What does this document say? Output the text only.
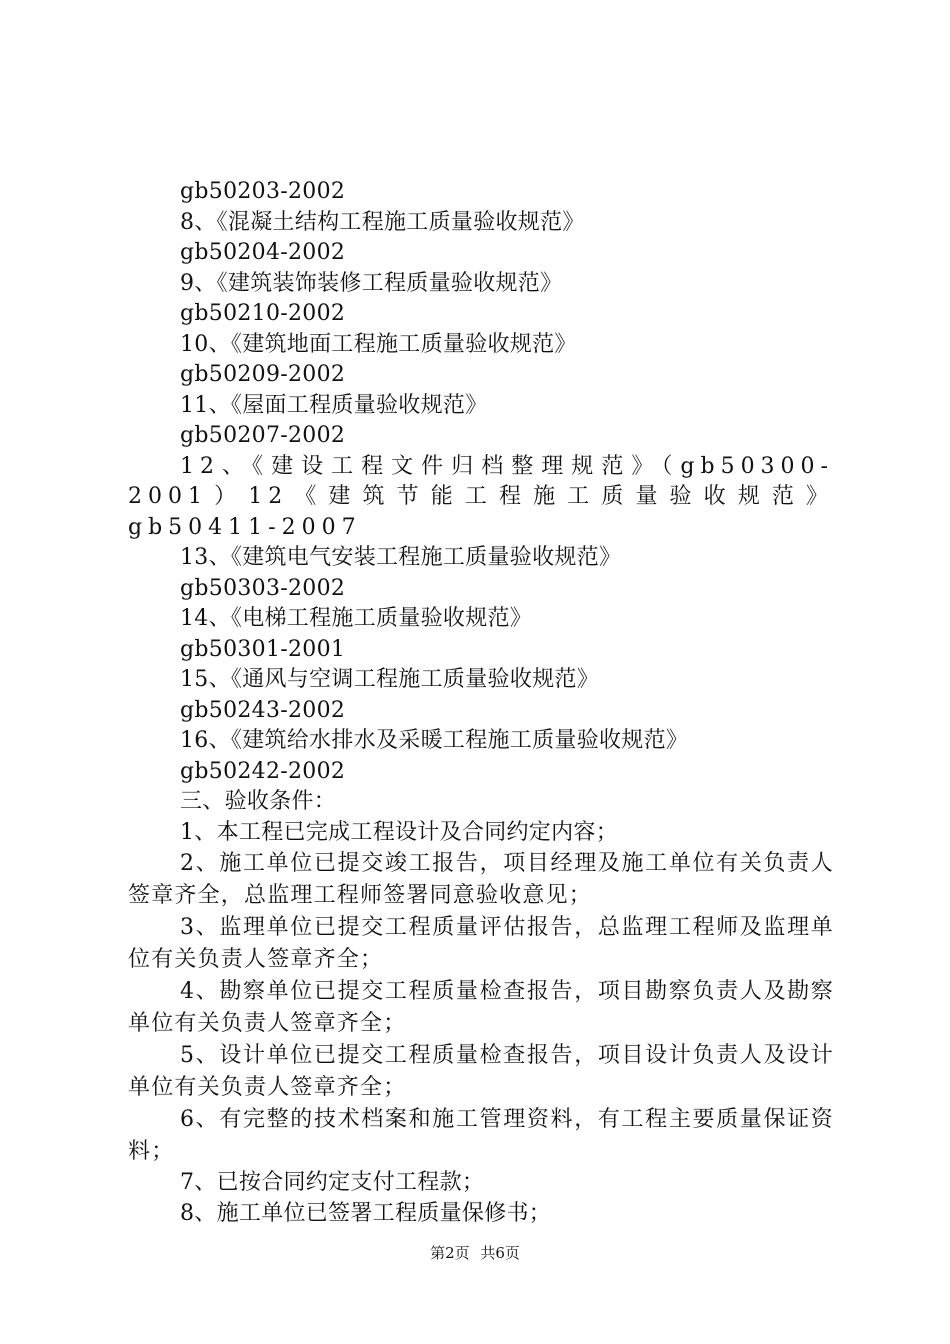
gb50203-2002
8、《混凝土结构工程施工质量验收规范》
gb50204-2002
9、《建筑装饰装修工程质量验收规范》
gb50210-2002
10、《建筑地面工程施工质量验收规范》
gb50209-2002
11、《屋面工程质量验收规范》
gb50207-2002

12、《建设工程文件归档整理规范》（gb50300-2001）12《建筑节能工程施工质量验收规范》gb50411-2007

13、《建筑电气安装工程施工质量验收规范》
gb50303-2002
14、《电梯工程施工质量验收规范》
gb50301-2001
15、《通风与空调工程施工质量验收规范》
gb50243-2002
16、《建筑给水排水及采暖工程施工质量验收规范》
gb50242-2002
三、验收条件：
1、本工程已完成工程设计及合同约定内容；

2、施工单位已提交竣工报告，项目经理及施工单位有关负责人签章齐全，总监理工程师签署同意验收意见；

3、监理单位已提交工程质量评估报告，总监理工程师及监理单位有关负责人签章齐全；

4、勘察单位已提交工程质量检查报告，项目勘察负责人及勘察单位有关负责人签章齐全；

5、设计单位已提交工程质量检查报告，项目设计负责人及设计单位有关负责人签章齐全；

6、有完整的技术档案和施工管理资料，有工程主要质量保证资料；

7、已按合同约定支付工程款；
8、施工单位已签署工程质量保修书；
第2页 共6页
